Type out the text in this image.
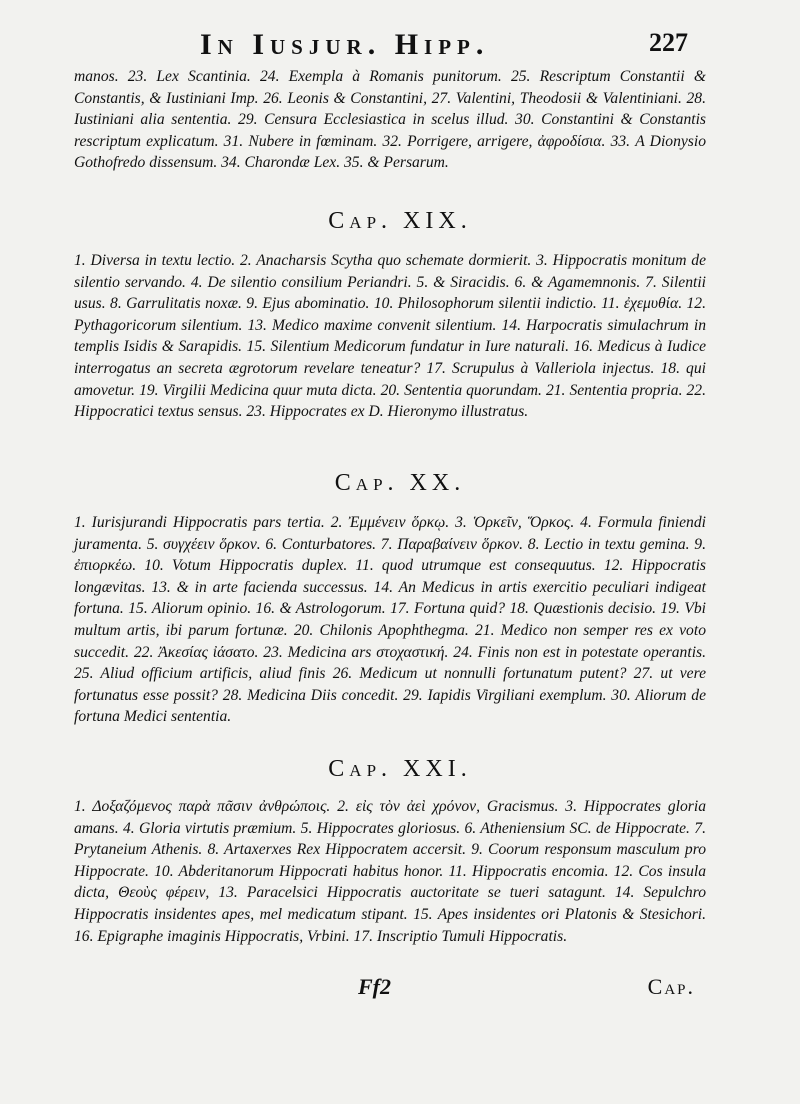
In Iusjur. Hipp.	227
manos. 23. Lex Scantinia. 24. Exempla à Romanis punitorum. 25. Rescriptum Constantii & Constantis, & Iustiniani Imp. 26. Leonis & Constantini, 27. Valentini, Theodosii & Valentiniani. 28. Iustiniani alia sententia. 29. Censura Ecclesiastica in scelus illud. 30. Constantini & Constantis rescriptum explicatum. 31. Nubere in fœminam. 32. Porrigere, arrigere, ἀφροδίσια. 33. A Dionysio Gothofredo dissensum. 34. Charondæ Lex. 35. & Persarum.
Cap. XIX.
1. Diversa in textu lectio. 2. Anacharsis Scytha quo schemate dormierit. 3. Hippocratis monitum de silentio servando. 4. De silentio consilium Periandri. 5. & Siracidis. 6. & Agamemnonis. 7. Silentii usus. 8. Garrulitatis noxæ. 9. Ejus abominatio. 10. Philosophorum silentii indictio. 11. ἐχεμυθία. 12. Pythagoricorum silentium. 13. Medico maxime convenit silentium. 14. Harpocratis simulachrum in templis Isidis & Sarapidis. 15. Silentium Medicorum fundatur in Iure naturali. 16. Medicus à Iudice interrogatus an secreta ægrotorum revelare teneatur? 17. Scrupulus à Valleriola injectus. 18. qui amovetur. 19. Virgilii Medicina quur muta dicta. 20. Sententia quorundam. 21. Sententia propria. 22. Hippocratici textus sensus. 23. Hippocrates ex D. Hieronymo illustratus.
Cap. XX.
1. Iurisjurandi Hippocratis pars tertia. 2. Ἐμμένειν ὅρκῳ. 3. Ὁρκεῖν, Ὅρκος. 4. Formula finiendi juramenta. 5. συγχέειν ὅρκον. 6. Conturbatores. 7. Παραβαίνειν ὅρκον. 8. Lectio in textu gemina. 9. ἐπιορκέω. 10. Votum Hippocratis duplex. 11. quod utrumque est consequutus. 12. Hippocratis longævitas. 13. & in arte facienda successus. 14. An Medicus in artis exercitio peculiari indigeat fortuna. 15. Aliorum opinio. 16. & Astrologorum. 17. Fortuna quid? 18. Quæstionis decisio. 19. Vbi multum artis, ibi parum fortunæ. 20. Chilonis Apophthegma. 21. Medico non semper res ex voto succedit. 22. Ἀκεσίας ἰάσατο. 23. Medicina ars στοχαστική. 24. Finis non est in potestate operantis. 25. Aliud officium artificis, aliud finis 26. Medicum ut nonnulli fortunatum putent? 27. ut vere fortunatus esse possit? 28. Medicina Diis concedit. 29. Iapidis Virgiliani exemplum. 30. Aliorum de fortuna Medici sententia.
Cap. XXI.
1. Δοξαζόμενος παρὰ πᾶσιν ἀνθρώποις. 2. εἰς τὸν ἀεὶ χρόνον, Gracismus. 3. Hippocrates gloria amans. 4. Gloria virtutis præmium. 5. Hippocrates gloriosus. 6. Atheniensium SC. de Hippocrate. 7. Prytaneium Athenis. 8. Artaxerxes Rex Hippocratem accersit. 9. Coorum responsum masculum pro Hippocrate. 10. Abderitanorum Hippocrati habitus honor. 11. Hippocratis encomia. 12. Cos insula dicta, Θεοὺς φέρειν, 13. Paracelsici Hippocratis auctoritate se tueri satagunt. 14. Sepulchro Hippocratis insidentes apes, mel medicatum stipant. 15. Apes insidentes ori Platonis & Stesichori. 16. Epigraphe imaginis Hippocratis, Vrbini. 17. Inscriptio Tumuli Hippocratis.
Ff2	Cap.
